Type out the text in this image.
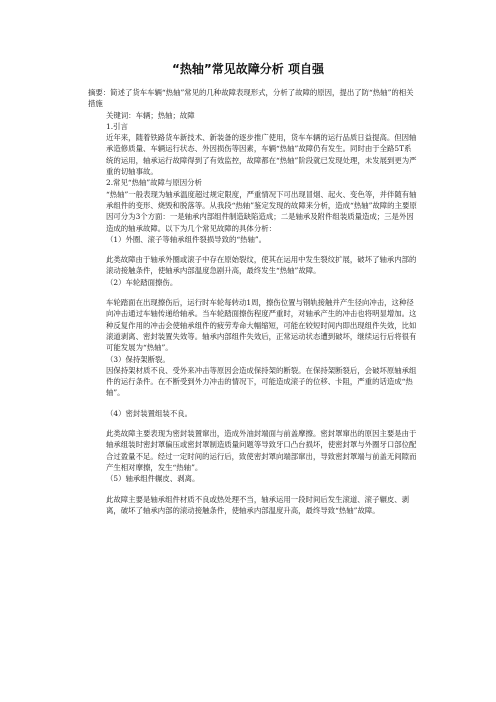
“热轴”常见故障分析 项自强

摘要：简述了货车车辆“热轴”常见的几种故障表现形式，分析了故障的原因，提出了防“热轴”的相关措施

关键词：车辆；热轴；故障

1.引言

近年来，随着铁路货车新技术、新装备的逐步推广使用，货车车辆的运行品质日益提高。但因轴承造修质量、车辆运行状态、外因损伤等因素，车辆“热轴”故障仍有发生。同时由于全路5T系统的运用，轴承运行故障得到了有效监控，故障都在“热轴”阶段就已发现处理，未发展到更为严重的切轴事故。

2.常见“热轴”故障与原因分析

“热轴”一般表现为轴承温度超过规定限度，严重情况下可出现冒烟、起火、变色等，并伴随有轴承组件的变形、烧毁和脱落等。从我段“热轴”鉴定发现的故障来分析，造成“热轴”故障的主要原因可分为3个方面：一是轴承内部组件制造缺陷造成；二是轴承及附件组装质量造成；三是外因造成的轴承故障。以下为几个常见故障的具体分析：

（1）外圈、滚子等轴承组件裂损导致的“热轴”。

此类故障由于轴承外圈或滚子中存在原始裂纹，使其在运用中发生裂纹扩展，破坏了轴承内部的滚动接触条件，使轴承内部温度急剧升高，最终发生“热轴”故障。

（2）车轮踏面擦伤。

车轮踏面在出现擦伤后，运行时车轮每转动1周，擦伤位置与钢轨接触并产生径向冲击，这种径向冲击通过车轴传递给轴承。当车轮踏面擦伤程度严重时，对轴承产生的冲击也将明显增加。这种反复作用的冲击会使轴承组件的疲劳寿命大幅缩短，可能在较短时间内即出现组件失效，比如滚道剥离、密封装置失效等。轴承内部组件失效后，正常运动状态遭到破坏，继续运行后将很有可能发展为“热轴”。

（3）保持架断裂。

因保持架材质不良、受外来冲击等原因会造成保持架的断裂。在保持架断裂后，会破坏原轴承组件的运行条件。在不断受到外力冲击的情况下，可能造成滚子的位移、卡阻，严重的话造成“热轴”。

（4）密封装置组装不良。

此类故障主要表现为密封装置窜出，造成外油封端面与前盖摩擦。密封罩窜出的原因主要是由于轴承组装时密封罩偏压或密封罩制造质量问题等导致牙口凸台损坏，使密封罩与外圈牙口部位配合过盈量不足。经过一定时间的运行后，致使密封罩向端部窜出，导致密封罩端与前盖无间隙而产生相对摩擦，发生“热轴”。

（5）轴承组件辗皮、剥离。

此故障主要是轴承组件材质不良或热处理不当，轴承运用一段时间后发生滚道、滚子辗皮、剥离，破坏了轴承内部的滚动接触条件，使轴承内部温度升高，最终导致“热轴”故障。
